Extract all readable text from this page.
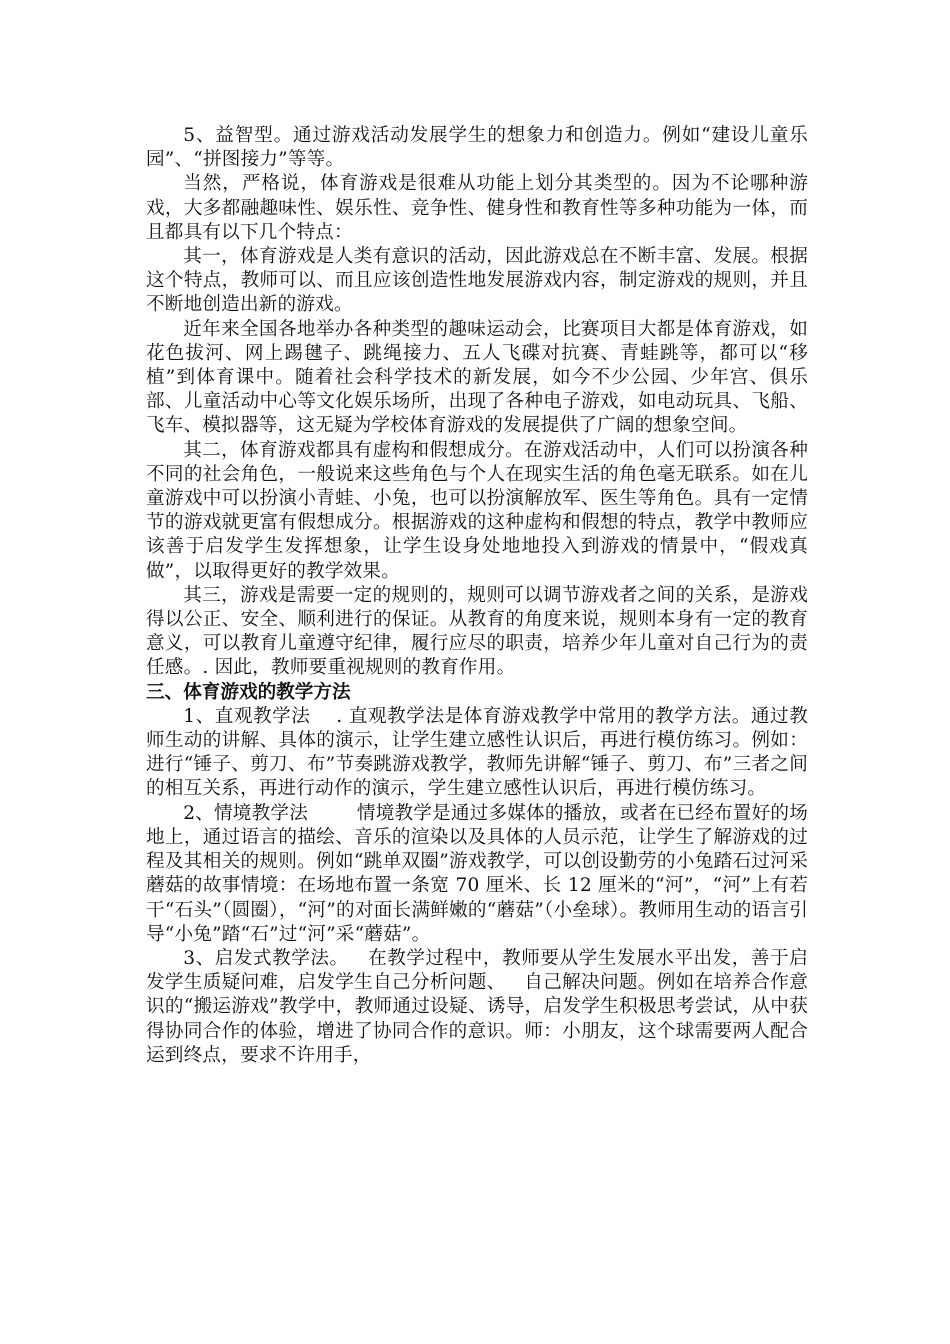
5、益智型。通过游戏活动发展学生的想象力和创造力。例如“建设儿童乐园”、“拼图接力”等等。

当然，严格说，体育游戏是很难从功能上划分其类型的。因为不论哪种游戏，大多都融趣味性、娱乐性、竞争性、健身性和教育性等多种功能为一体，而且都具有以下几个特点：

其一，体育游戏是人类有意识的活动，因此游戏总在不断丰富、发展。根据这个特点，教师可以、而且应该创造性地发展游戏内容，制定游戏的规则，并且不断地创造出新的游戏。

近年来全国各地举办各种类型的趣味运动会，比赛项目大都是体育游戏，如花色拔河、网上踢毽子、跳绳接力、五人飞碟对抗赛、青蛙跳等，都可以“移植”到体育课中。随着社会科学技术的新发展，如今不少公园、少年宫、俱乐部、儿童活动中心等文化娱乐场所，出现了各种电子游戏，如电动玩具、飞船、飞车、模拟器等，这无疑为学校体育游戏的发展提供了广阔的想象空间。

其二，体育游戏都具有虚构和假想成分。在游戏活动中，人们可以扮演各种不同的社会角色，一般说来这些角色与个人在现实生活的角色毫无联系。如在儿童游戏中可以扮演小青蛙、小兔，也可以扮演解放军、医生等角色。具有一定情节的游戏就更富有假想成分。根据游戏的这种虚构和假想的特点，教学中教师应该善于启发学生发挥想象，让学生设身处地地投入到游戏的情景中，“假戏真做”，以取得更好的教学效果。

其三，游戏是需要一定的规则的，规则可以调节游戏者之间的关系，是游戏得以公正、安全、顺利进行的保证。从教育的角度来说，规则本身有一定的教育意义，可以教育儿童遵守纪律，履行应尽的职责，培养少年儿童对自己行为的责任感。. 因此，教师要重视规则的教育作用。

三、体育游戏的教学方法

1、直观教学法    . 直观教学法是体育游戏教学中常用的教学方法。通过教师生动的讲解、具体的演示，让学生建立感性认识后，再进行模仿练习。例如：进行“锤子、剪刀、布”节奏跳游戏教学，教师先讲解“锤子、剪刀、布”三者之间的相互关系，再进行动作的演示，学生建立感性认识后，再进行模仿练习。

2、情境教学法        情境教学是通过多媒体的播放，或者在已经布置好的场地上，通过语言的描绘、音乐的渲染以及具体的人员示范，让学生了解游戏的过程及其相关的规则。例如“跳单双圈”游戏教学，可以创设勤劳的小兔踏石过河采蘑菇的故事情境：在场地布置一条宽 70 厘米、长 12 厘米的“河”，“河”上有若干“石头”（圆圈），“河”的对面长满鲜嫩的“蘑菇”（小垒球）。教师用生动的语言引导“小兔”踏“石”过“河”采“蘑菇”。

3、启发式教学法。   在教学过程中，教师要从学生发展水平出发，善于启发学生质疑问难，启发学生自己分析问题、   自己解决问题。例如在培养合作意识的“搬运游戏”教学中，教师通过设疑、诱导，启发学生积极思考尝试，从中获得协同合作的体验，增进了协同合作的意识。师：小朋友，这个球需要两人配合运到终点，要求不许用手，
